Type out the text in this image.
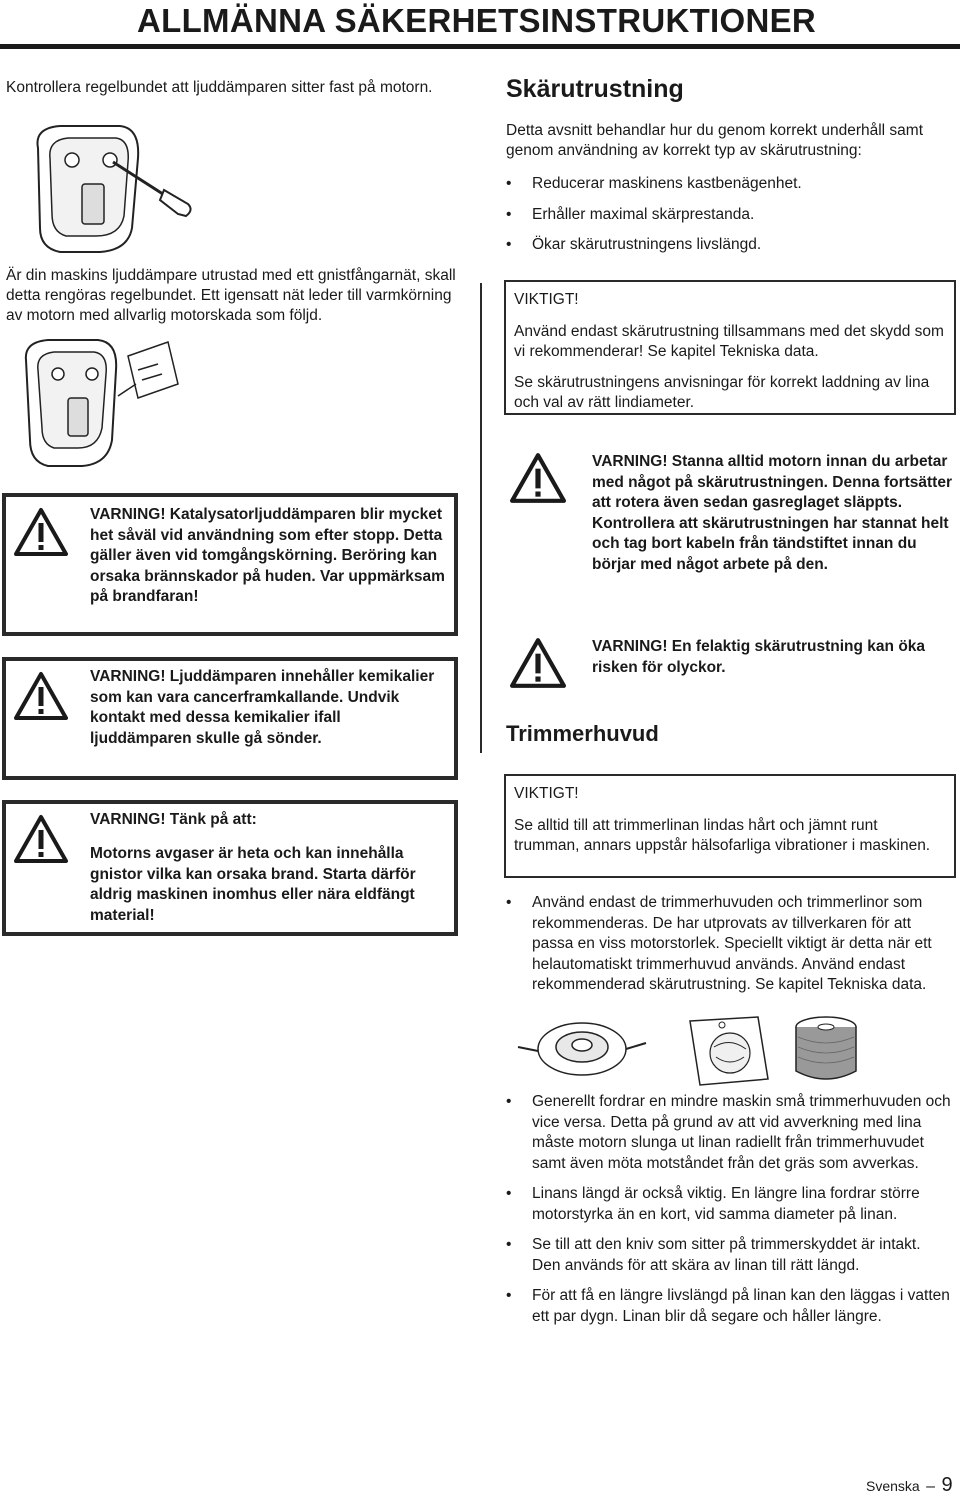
ALLMÄNNA SÄKERHETSINSTRUKTIONER

Kontrollera regelbundet att ljuddämparen sitter fast på motorn.

Är din maskins ljuddämpare utrustad med ett gnistfångarnät, skall detta rengöras regelbundet. Ett igensatt nät leder till varmkörning av motorn med allvarlig motorskada som följd.

VARNING! Katalysatorljuddämparen blir mycket het såväl vid användning som efter stopp. Detta gäller även vid tomgångskörning. Beröring kan orsaka brännskador på huden. Var uppmärksam på brandfaran!

VARNING! Ljuddämparen innehåller kemikalier som kan vara cancerframkallande. Undvik kontakt med dessa kemikalier ifall ljuddämparen skulle gå sönder.

VARNING! Tänk på att:

Motorns avgaser är heta och kan innehålla gnistor vilka kan orsaka brand. Starta därför aldrig maskinen inomhus eller nära eldfängt material!

Skärutrustning

Detta avsnitt behandlar hur du genom korrekt underhåll samt genom användning av korrekt typ av skärutrustning:

• Reducerar maskinens kastbenägenhet.
• Erhåller maximal skärprestanda.
• Ökar skärutrustningens livslängd.

VIKTIGT!

Använd endast skärutrustning tillsammans med det skydd som vi rekommenderar! Se kapitel Tekniska data.

Se skärutrustningens anvisningar för korrekt laddning av lina och val av rätt lindiameter.

VARNING! Stanna alltid motorn innan du arbetar med något på skärutrustningen. Denna fortsätter att rotera även sedan gasreglaget släppts. Kontrollera att skärutrustningen har stannat helt och tag bort kabeln från tändstiftet innan du börjar med något arbete på den.

VARNING! En felaktig skärutrustning kan öka risken för olyckor.

Trimmerhuvud

VIKTIGT!

Se alltid till att trimmerlinan lindas hårt och jämnt runt trumman, annars uppstår hälsofarliga vibrationer i maskinen.

• Använd endast de trimmerhuvuden och trimmerlinor som rekommenderas. De har utprovats av tillverkaren för att passa en viss motorstorlek. Speciellt viktigt är detta när ett helautomatiskt trimmerhuvud används. Använd endast rekommenderad skärutrustning. Se kapitel Tekniska data.
• Generellt fordrar en mindre maskin små trimmerhuvuden och vice versa. Detta på grund av att vid avverkning med lina måste motorn slunga ut linan radiellt från trimmerhuvudet samt även möta motståndet från det gräs som avverkas.
• Linans längd är också viktig. En längre lina fordrar större motorstyrka än en kort, vid samma diameter på linan.
• Se till att den kniv som sitter på trimmerskyddet är intakt. Den används för att skära av linan till rätt längd.
• För att få en längre livslängd på linan kan den läggas i vatten ett par dygn. Linan blir då segare och håller längre.
Svenska – 9
